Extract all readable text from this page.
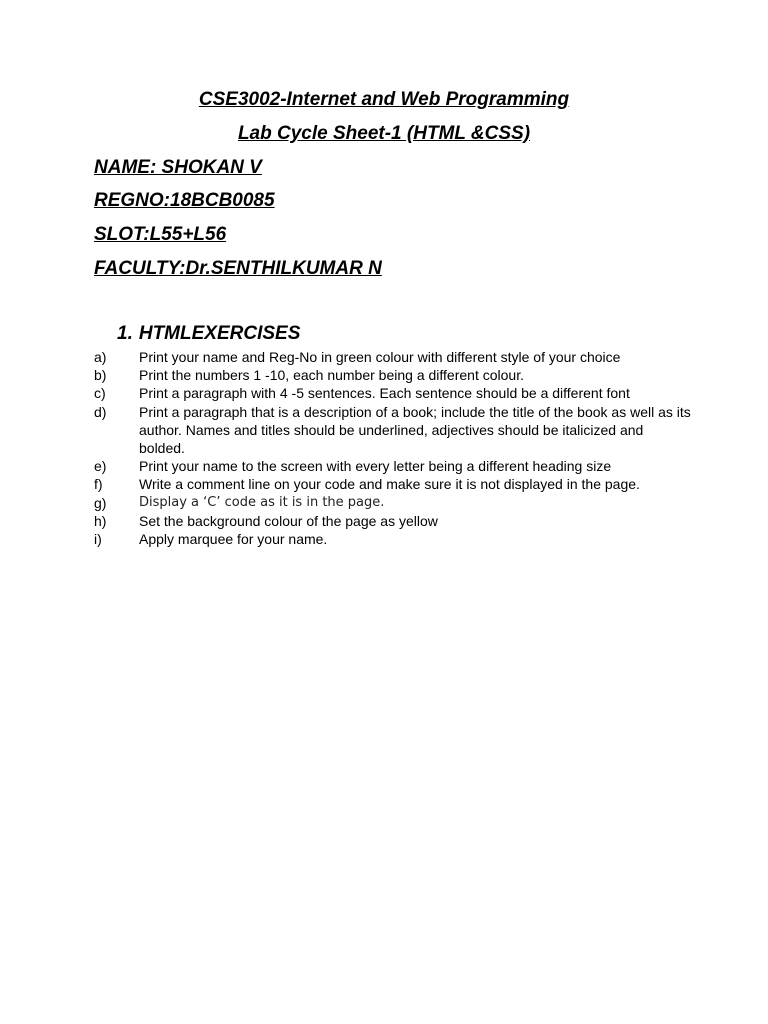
CSE3002-Internet and Web Programming
Lab Cycle Sheet-1 (HTML &CSS)
NAME: SHOKAN V
REGNO:18BCB0085
SLOT:L55+L56
FACULTY:Dr.SENTHILKUMAR N
1. HTMLEXERCISES
a)	Print your name and Reg-No in green colour with different style of your choice
b)	Print the numbers 1 -10, each number being a different colour.
c)	Print a paragraph with 4 -5 sentences. Each sentence should be a different font
d)	Print a paragraph that is a description of a book; include the title of the book as well as its author. Names and titles should be underlined, adjectives should be italicized and bolded.
e)	Print your name to the screen with every letter being a different heading size
f)	Write a comment line on your code and make sure it is not displayed in the page.
g)	Display a ‘C’ code as it is in the page.
h)	Set the background colour of the page as yellow
i)	Apply marquee for your name.
